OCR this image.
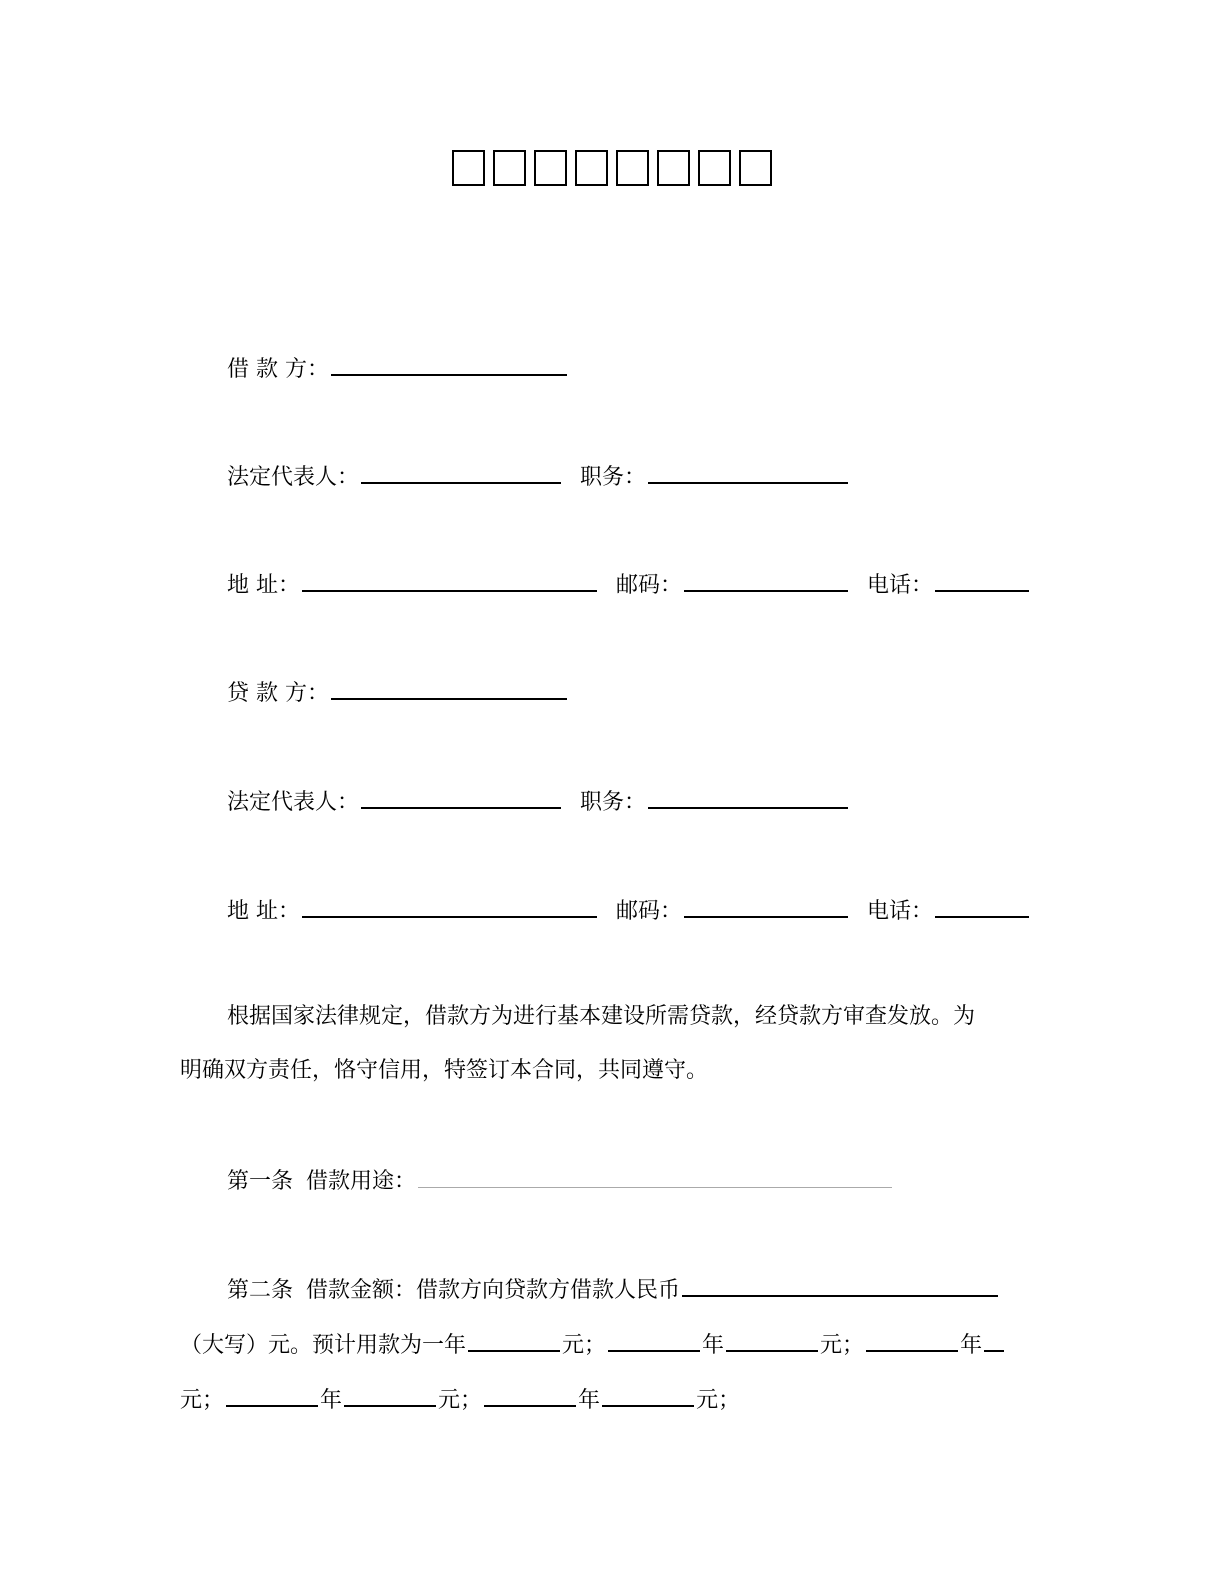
借 款 方：
法定代表人：	职务：
地 址：	邮码：	电话：
贷 款 方：
法定代表人：	职务：
地 址：	邮码：	电话：
根据国家法律规定，借款方为进行基本建设所需贷款，经贷款方审查发放。为
明确双方责任，恪守信用，特签订本合同，共同遵守。
第一条 借款用途：
第二条 借款金额：借款方向贷款方借款人民币
（大写）元。预计用款为一年	元；	年	元；	年
元；	年	元；	年	元；
